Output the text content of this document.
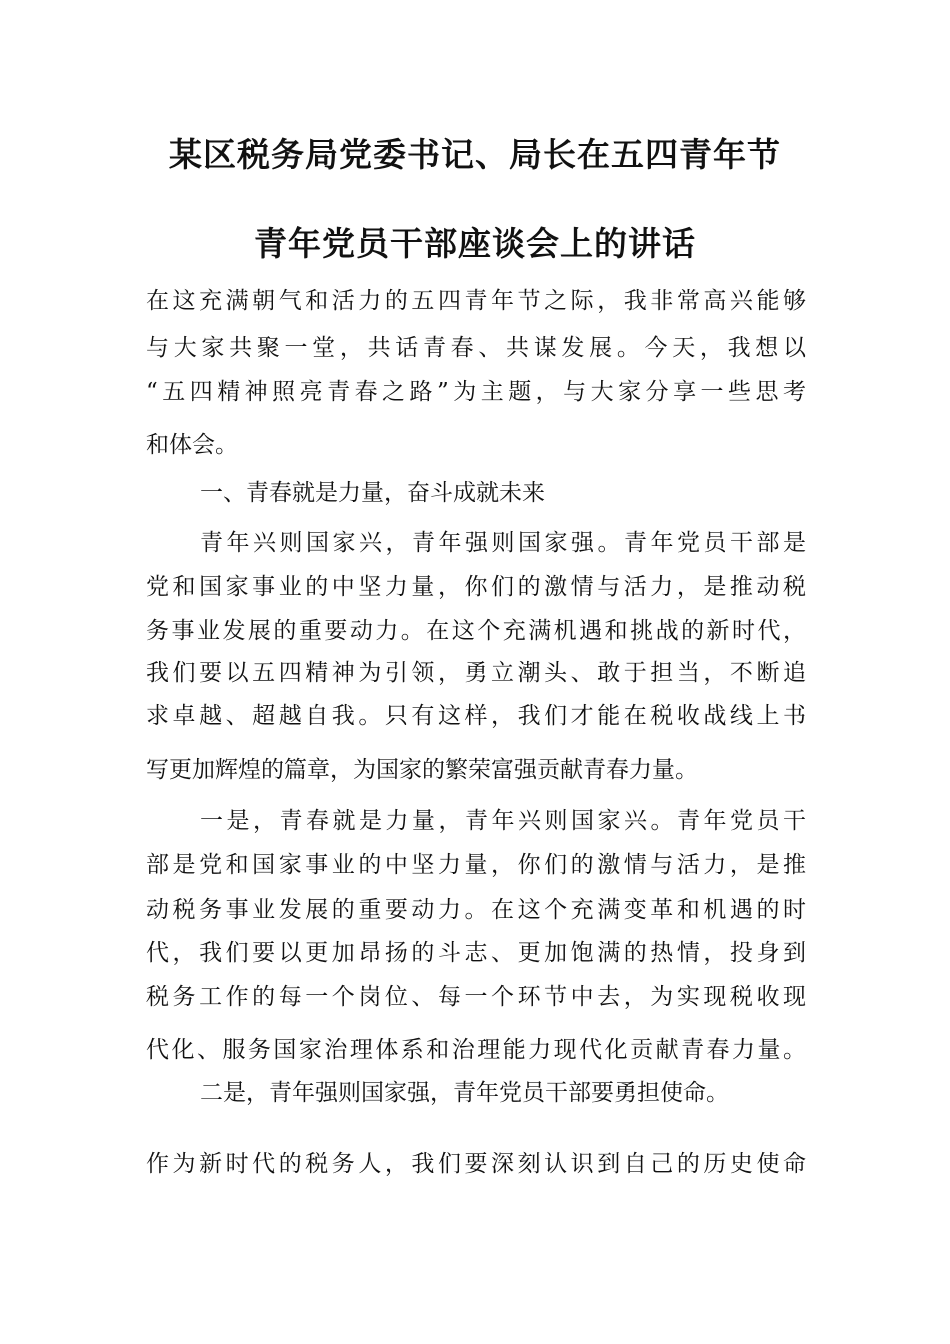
某区税务局党委书记、局长在五四青年节
青年党员干部座谈会上的讲话
在这充满朝气和活力的五四青年节之际，我非常高兴能够
与大家共聚一堂，共话青春、共谋发展。今天，我想以
“五四精神照亮青春之路”为主题，与大家分享一些思考
和体会。
一、青春就是力量，奋斗成就未来
青年兴则国家兴，青年强则国家强。青年党员干部是
党和国家事业的中坚力量，你们的激情与活力，是推动税
务事业发展的重要动力。在这个充满机遇和挑战的新时代，
我们要以五四精神为引领，勇立潮头、敢于担当，不断追
求卓越、超越自我。只有这样，我们才能在税收战线上书
写更加辉煌的篇章，为国家的繁荣富强贡献青春力量。
一是，青春就是力量，青年兴则国家兴。青年党员干
部是党和国家事业的中坚力量，你们的激情与活力，是推
动税务事业发展的重要动力。在这个充满变革和机遇的时
代，我们要以更加昂扬的斗志、更加饱满的热情，投身到
税务工作的每一个岗位、每一个环节中去，为实现税收现
代化、服务国家治理体系和治理能力现代化贡献青春力量。
二是，青年强则国家强，青年党员干部要勇担使命。
作为新时代的税务人，我们要深刻认识到自己的历史使命
